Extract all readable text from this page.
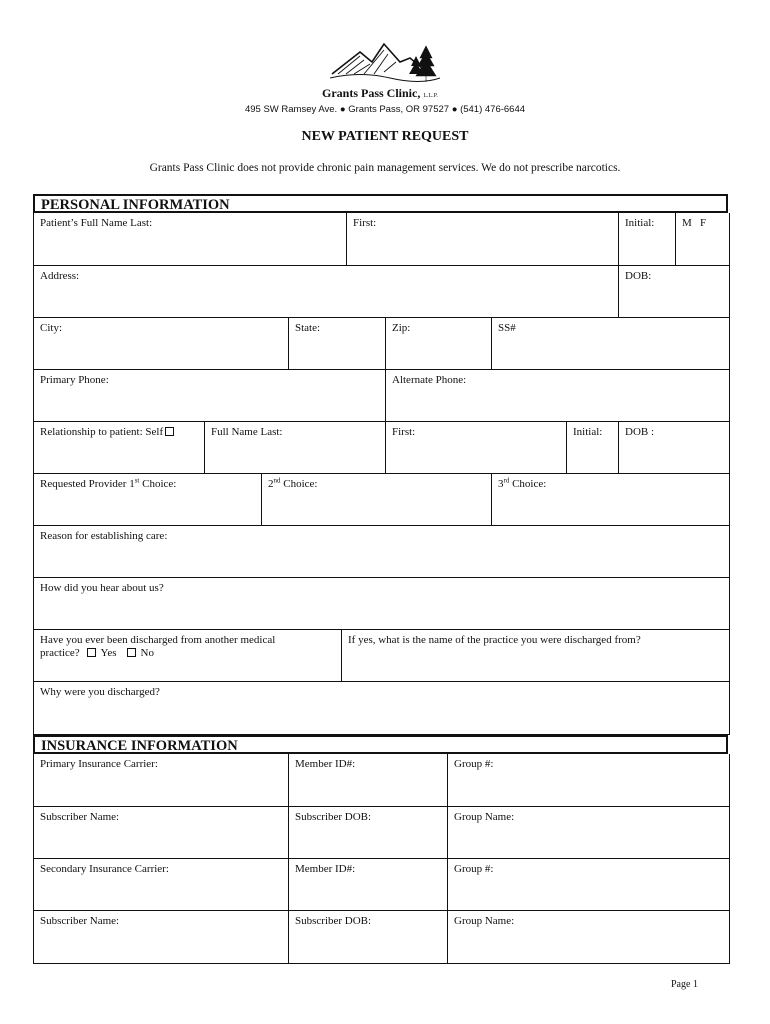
Grants Pass Clinic, L.L.P.
495 SW Ramsey Ave. ● Grants Pass, OR 97527 ● (541) 476-6644
NEW PATIENT REQUEST
Grants Pass Clinic does not provide chronic pain management services. We do not prescribe narcotics.
PERSONAL INFORMATION
Patient’s Full Name Last:	First:	Initial:	M   F
Address:	DOB:
City:	State:	Zip:	SS#
Primary Phone:	Alternate Phone:
Relationship to patient: Self	Full Name Last:	First:	Initial:	DOB :
Requested Provider 1st Choice:	2nd Choice:	3rd Choice:
Reason for establishing care:
How did you hear about us?
Have you ever been discharged from another medical
practice? Yes No
If yes, what is the name of the practice you were discharged from?
Why were you discharged?
INSURANCE INFORMATION
Primary Insurance Carrier:	Member ID#:	Group #:
Subscriber Name:	Subscriber DOB:	Group Name:
Secondary Insurance Carrier:	Member ID#:	Group #:
Subscriber Name:	Subscriber DOB:	Group Name:
Page 1
